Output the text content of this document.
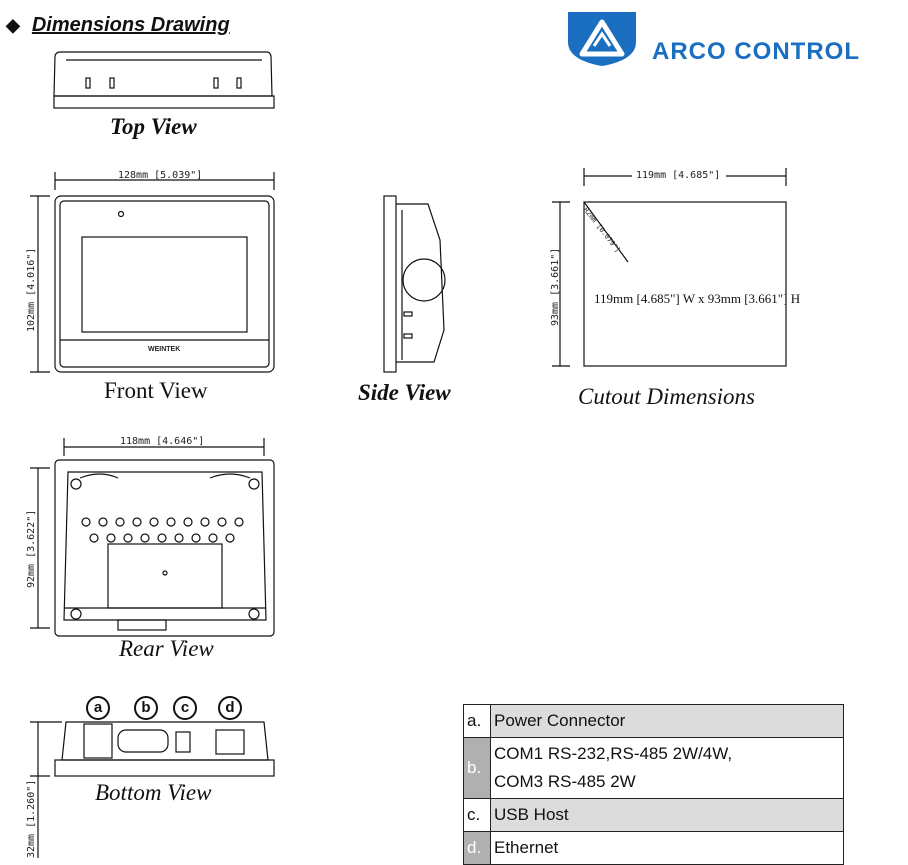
◆ Dimensions Drawing
ARCO CONTROL
Top View
Front View	Side View	Cutout Dimensions
Rear View
Bottom View
128mm [5.039"]
102mm [4.016"]
WEINTEK
119mm [4.685"]
93mm [3.661"]
R2mm [0.079"]
119mm [4.685"] W x 93mm [3.661"] H
118mm [4.646"]
92mm [3.622"]
32mm [1.260"]
a	b	c	d
a.	Power Connector

b.	COM1 RS-232,RS-485 2W/4W,
COM3 RS-485 2W

c.	USB Host

d.	Ethernet
